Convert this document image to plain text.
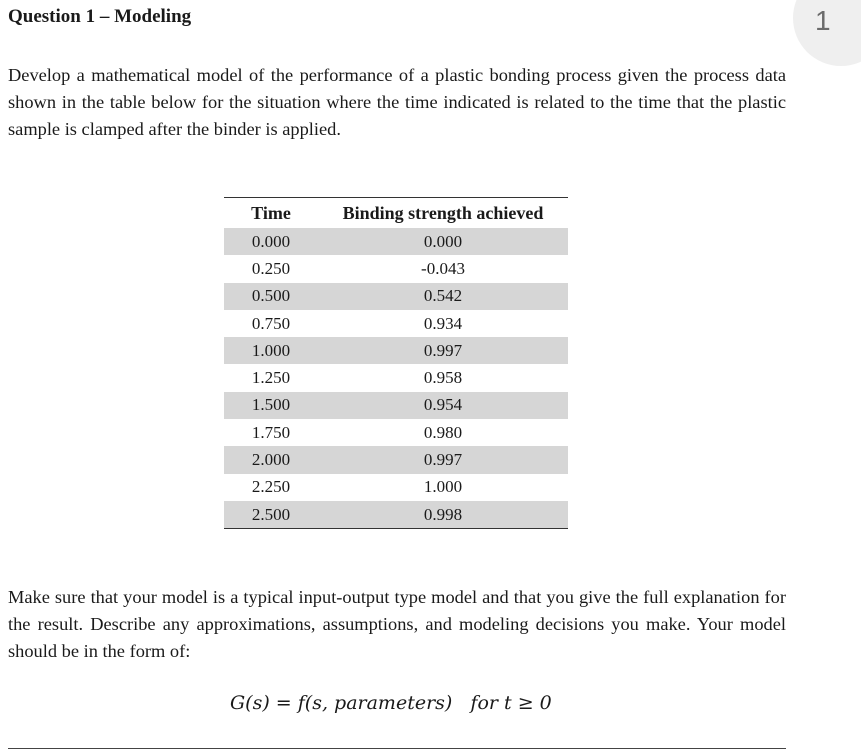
1
Question 1 – Modeling

Develop a mathematical model of the performance of a plastic bonding process given the process data shown in the table below for the situation where the time indicated is related to the time that the plastic sample is clamped after the binder is applied.

Time	Binding strength achieved
0.000	0.000
0.250	-0.043
0.500	0.542
0.750	0.934
1.000	0.997
1.250	0.958
1.500	0.954
1.750	0.980
2.000	0.997
2.250	1.000
2.500	0.998

Make sure that your model is a typical input-output type model and that you give the full explanation for the result. Describe any approximations, assumptions, and modeling decisions you make. Your model should be in the form of:

G(s) = f(s, parameters)   for t ≥ 0
